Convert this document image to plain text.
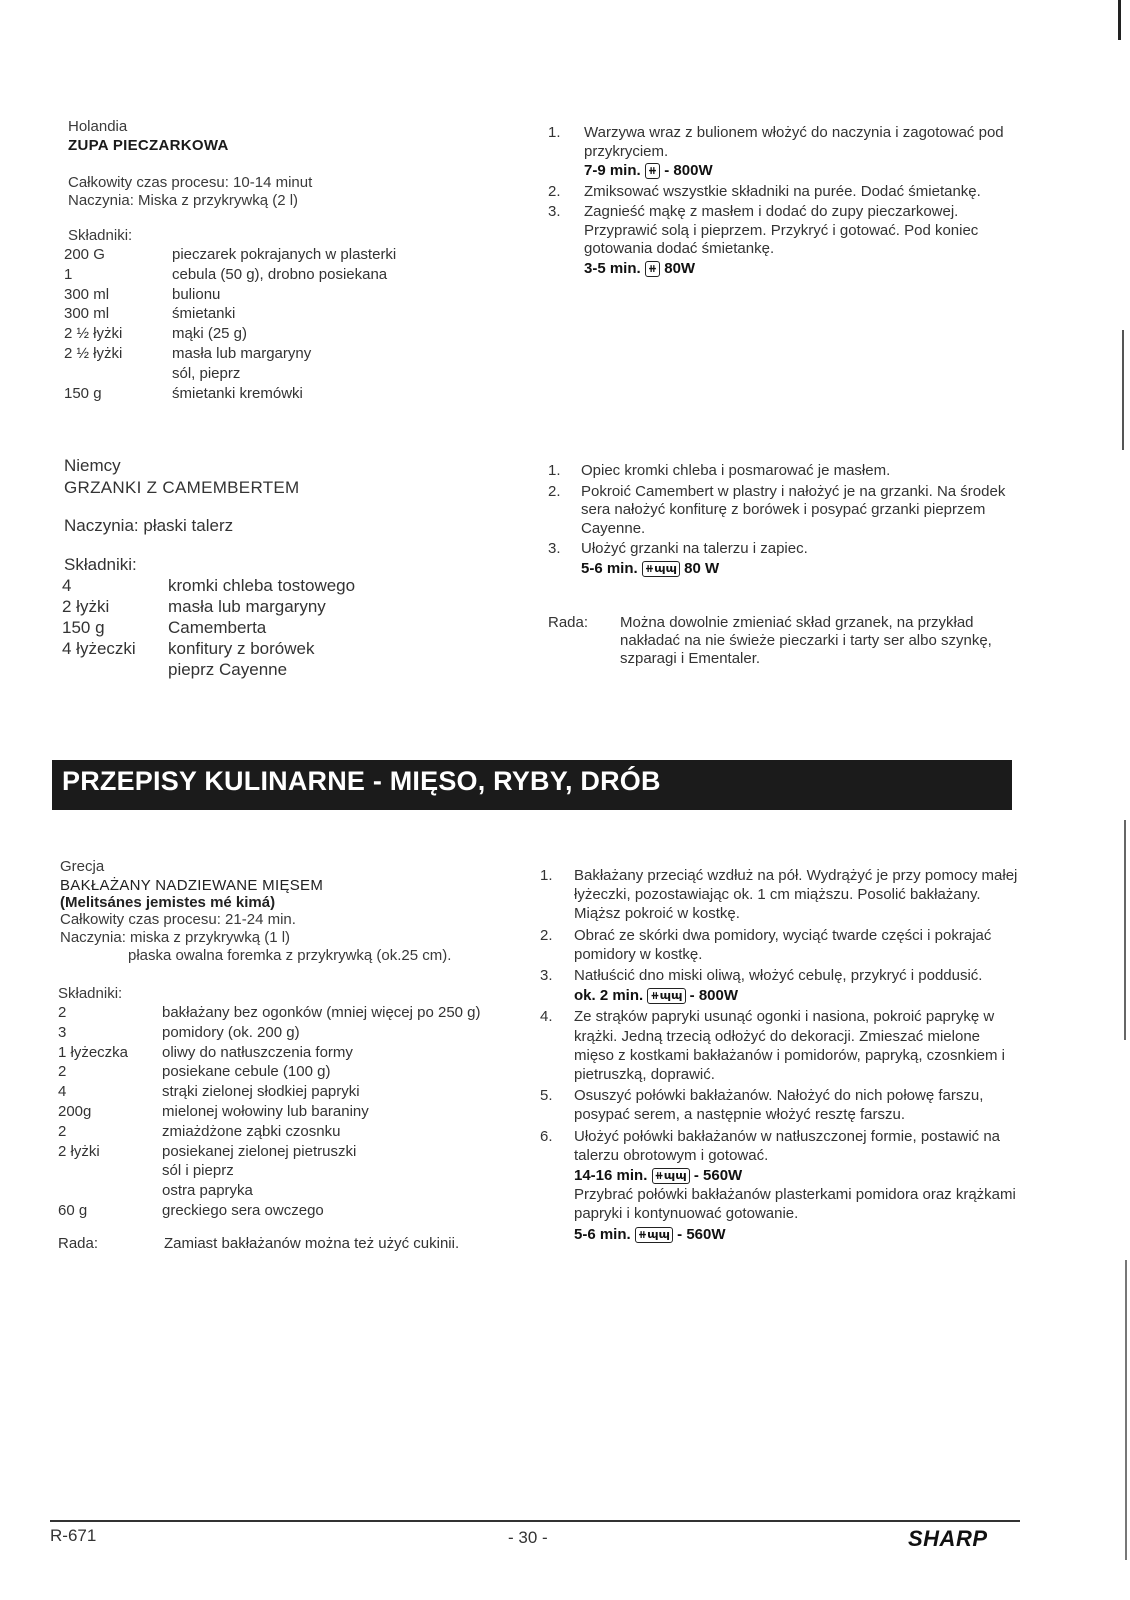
Holandia
ZUPA PIECZARKOWA
Całkowity czas procesu: 10-14 minut
Naczynia: Miska z przykrywką (2 l)
Składniki:
200 G	pieczarek pokrajanych w plasterki
1	cebula (50 g), drobno posiekana
300 ml	bulionu
300 ml	śmietanki
2 ½ łyżki	mąki (25 g)
2 ½ łyżki	masła lub margaryny
sól, pieprz
150 g	śmietanki kremówki
1.	Warzywa wraz z bulionem włożyć do naczynia i zagotować pod przykryciem.
7-9 min. ⧺ - 800W
2.	Zmiksować wszystkie składniki na purée. Dodać śmietankę.
3.	Zagnieść mąkę z masłem i dodać do zupy pieczarkowej. Przyprawić solą i pieprzem. Przykryć i gotować. Pod koniec gotowania dodać śmietankę.
3-5 min. ⧺ 80W
Niemcy
GRZANKI Z CAMEMBERTEM
Naczynia: płaski talerz
Składniki:
4	kromki chleba tostowego
2 łyżki	masła lub margaryny
150 g	Camemberta
4 łyżeczki	konfitury z borówek
pieprz Cayenne
1.	Opiec kromki chleba i posmarować je masłem.
2.	Pokroić Camembert w plastry i nałożyć je na grzanki. Na środek sera nałożyć konfiturę z borówek i posypać grzanki pieprzem Cayenne.
3.	Ułożyć grzanki na talerzu i zapiec.
5-6 min. ⧺ɰɰ 80 W
Rada:	Można dowolnie zmieniać skład grzanek, na przykład nakładać na nie świeże pieczarki i tarty ser albo szynkę, szparagi i Ementaler.
PRZEPISY KULINARNE - MIĘSO, RYBY, DRÓB
Grecja
BAKŁAŻANY NADZIEWANE MIĘSEM
(Melitsánes jemistes mé kimá)
Całkowity czas procesu: 21-24 min.
Naczynia: miska z przykrywką (1 l)
płaska owalna foremka z przykrywką (ok.25 cm).
Składniki:
2	bakłażany bez ogonków (mniej więcej po 250 g)
3	pomidory (ok. 200 g)
1 łyżeczka	oliwy do natłuszczenia formy
2	posiekane cebule (100 g)
4	strąki zielonej słodkiej papryki
200g	mielonej wołowiny lub baraniny
2	zmiażdżone ząbki czosnku
2 łyżki	posiekanej zielonej pietruszki
sól i pieprz
ostra papryka
60 g	greckiego sera owczego
Rada:	Zamiast bakłażanów można też użyć cukinii.
1.	Bakłażany przeciąć wzdłuż na pół. Wydrążyć je przy pomocy małej łyżeczki, pozostawiając ok. 1 cm miąższu. Posolić bakłażany. Miąższ pokroić w kostkę.
2.	Obrać ze skórki dwa pomidory, wyciąć twarde części i pokrajać pomidory w kostkę.
3.	Natłuścić dno miski oliwą, włożyć cebulę, przykryć i poddusić.
ok. 2 min. ⧺ɰɰ - 800W
4.	Ze strąków papryki usunąć ogonki i nasiona, pokroić paprykę w krążki. Jedną trzecią odłożyć do dekoracji. Zmieszać mielone mięso z kostkami bakłażanów i pomidorów, papryką, czosnkiem i pietruszką, doprawić.
5.	Osuszyć połówki bakłażanów. Nałożyć do nich połowę farszu, posypać serem, a następnie włożyć resztę farszu.
6.	Ułożyć połówki bakłażanów w natłuszczonej formie, postawić na talerzu obrotowym i gotować.
14-16 min. ⧺ɰɰ - 560W
Przybrać połówki bakłażanów plasterkami pomidora oraz krążkami papryki i kontynuować gotowanie.
5-6 min. ⧺ɰɰ - 560W
R-671	- 30 -	SHARP
